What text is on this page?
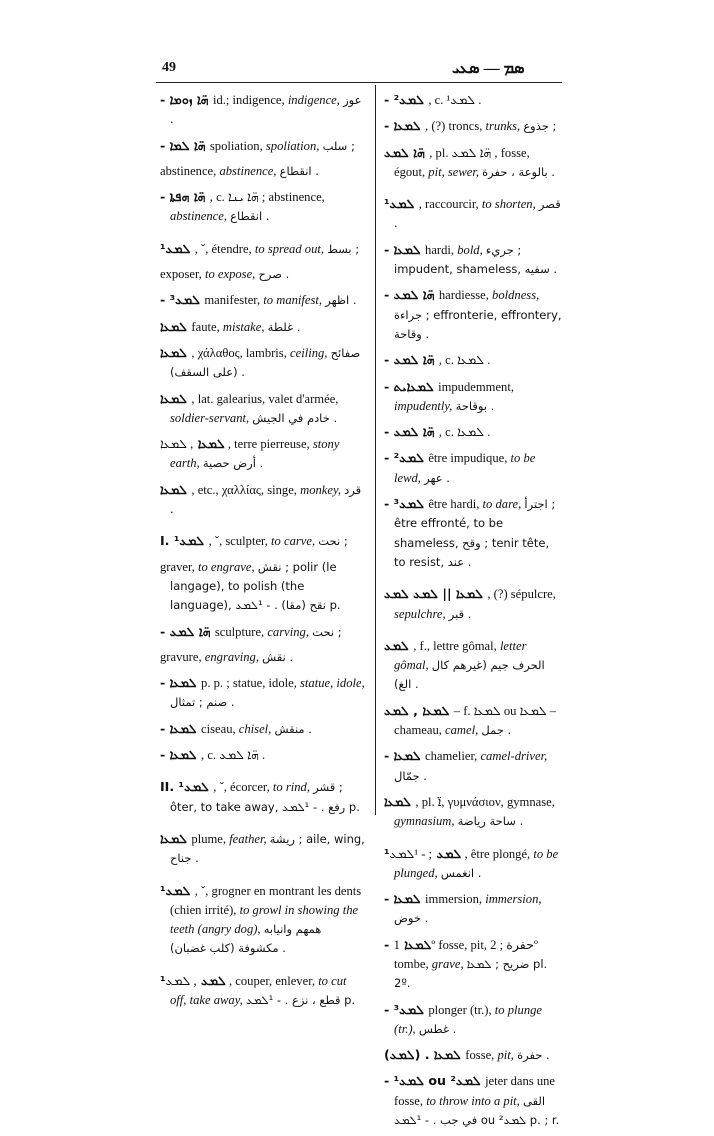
49	ܣܡ — ܣܥܝ

- ܗ̈ܐ ܙܘܡܐ id.; indigence, indigence, عوز .

- ܗ̈ܐ ܠܡܐ spoliation, spoliation, سلب ;

abstinence, abstinence, انقطاع .

- ܗ̈ܐ ܗܦܬܐ , c. ܗ̈ܐ ܝܢܐ ; abstinence, abstinence, انقطاع .

¹ܠܡܥ , ˇ, étendre, to spread out, بسط ;

exposer, to expose, صرح .

- ³ܠܡܥ manifester, to manifest, اظهر .

ܠܡܥܐ faute, mistake, غلطة .

ܠܡܥܐ , χάλαθος, lambris, ceiling, صفائح (على السقف) .

ܠܡܥܐ , lat. galearius, valet d'armée, soldier-servant, خادم في الجيش .

ܠܡܥܐ , ܠܡܥܐ , terre pierreuse, stony earth, أرض حصية .

ܠܡܥܐ , etc., χαλλίας, singe, monkey, قرد .

I. ¹ܠܡܥ , ˇ, sculpter, to carve, نحت ;

graver, to engrave, نقش ; polir (le langage), to polish (the language), نقح (مقا) . - ¹ܠܡܥ p.

- ܗ̈ܐ ܠܡܥ sculpture, carving, نحت ;

gravure, engraving, نقش .

- ܠܡܥܐ p. p. ; statue, idole, statue, idole, صنم ; تمثال .

- ܠܡܥܐ ciseau, chisel, منقش .

- ܠܡܥܐ , c. ܗ̈ܐ ܠܡܥ .

II. ¹ܠܡܥ , ˇ, écorcer, to rind, قشر ; ôter, to take away, رفع . - ¹ܠܡܥ p.

ܠܡܥܐ plume, feather, ريشة ; aile, wing, جناح .

¹ܠܡܥ , ˇ, grogner en montrant les dents (chien irrité), to growl in showing the teeth (angry dog), همهم وانيابه مكشوفة (كلب غضبان) .

¹ܠܡܥ , ܠܡܥ , couper, enlever, to cut off, take away, قطع ، نزع . - ¹ܠܡܥ p.

- ²ܠܡܥ , c. ¹ܠܡܥ .

- ܠܡܥܐ , (?) troncs, trunks, جذوع ;

ܗ̈ܐ ܠܡܥ , pl. ܗ̈ܐ ܠܡܥ , fosse, égout, pit, sewer, بالوعة ، حفرة .

¹ܠܡܥ , raccourcir, to shorten, قصر .

- ܠܡܥܐ hardi, bold, جريء ; impudent, shameless, سفيه .

- ܗ̈ܐ ܠܡܥ hardiesse, boldness, جراءة ; effronterie, effrontery, وقاحة .

- ܗ̈ܐ ܠܡܥ , c. ܠܡܥܐ .

- ܠܡܥܐܝܬ impudemment, impudently, بوقاحة .

- ܗ̈ܐ ܠܡܥ , c. ܠܡܥܐ .

- ²ܠܡܥ être impudique, to be lewd, عهر .

- ³ܠܡܥ être hardi, to dare, اجترأ ; être effronté, to be shameless, وقح ; tenir tête, to resist, عند .

ܠܡܥܐ || ܠܡܥ ܠܡܥ , (?) sépulcre, sepulchre, قبر .

ܠܡܥ , f., lettre gômal, letter gômal, الحرف جيم (غيرهم كال الغ) .

ܠܡܥܐ , ܠܡܥ – f. ܠܡܥܐ ou ܠܡܥܐ – chameau, camel, جمل .

- ܠܡܥܐ chamelier, camel-driver, جمّال .

ܠܡܥܐ , pl. ܐ̈, γυμνάσιον, gymnase, gymnasium, ساحة رياضة .

¹ܠܡܥ ; - ¹ܠܡܥ , être plongé, to be plunged, انغمس .

- ܠܡܥܐ immersion, immersion, خوض .

- ܠܡܥܐ 1º fosse, pit, حفرة ; 2º tombe, grave, ضريح ; ܠܡܥܐ pl. 2º.

- ³ܠܡܥ plonger (tr.), to plunge (tr.), غطس .

(ܠܡܥ) . ܠܡܥܐ fosse, pit, حفرة .

- ¹ܠܡܥ ou ²ܠܡܥ jeter dans une fosse, to throw into a pit, القى في جب . - ¹ܠܡܥ ou ²ܠܡܥ p. ; r.
